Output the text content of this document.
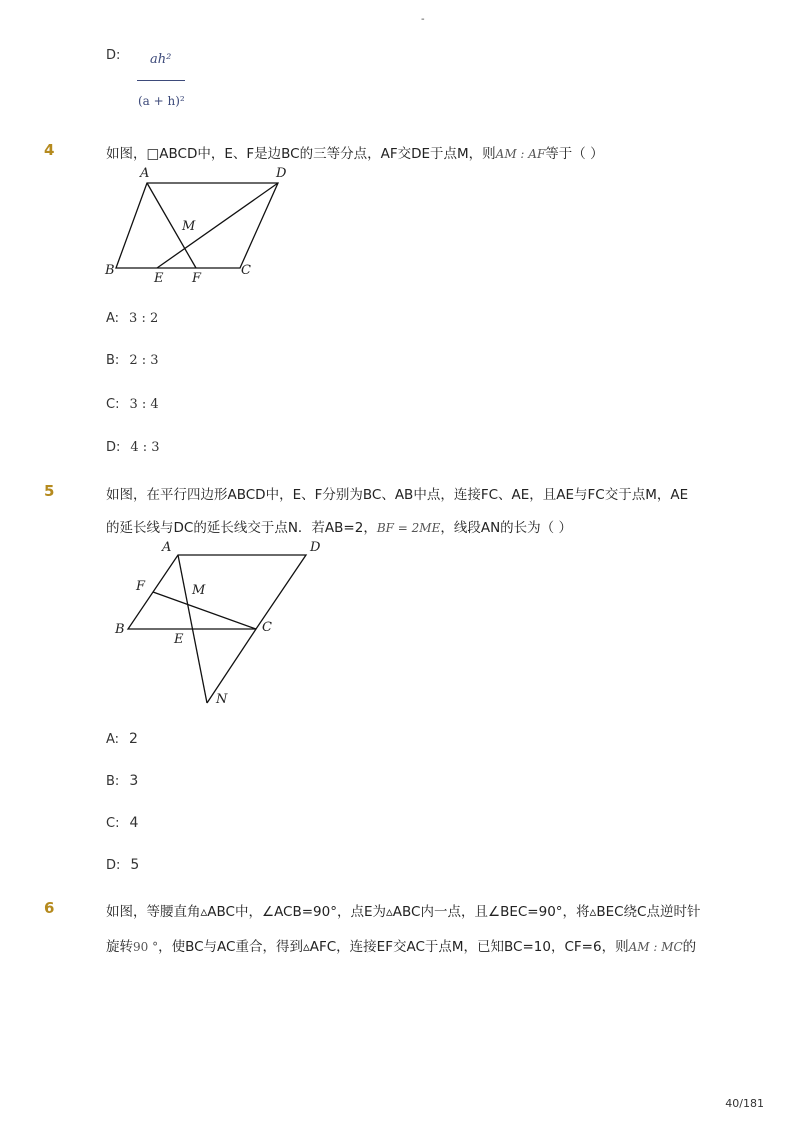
-
D: ah²
(a + h)²
4	如图，□ABCD中，E、F是边BC的三等分点，AF交DE于点M，则AM : AF等于（ ）
A	D
M
B
E F
C
A: 3 : 2
B: 2 : 3
C: 3 : 4
D: 4 : 3
5	如图，在平行四边形ABCD中，E、F分别为BC、AB中点，连接FC、AE，且AE与FC交于点M，AE
的延长线与DC的延长线交于点N．若AB=2，BF = 2ME，线段AN的长为（ ）
A	D
F	M
B
E
C
N
A: 2
B: 3
C: 4
D: 5
6	如图，等腰直角▵ABC中，∠ACB=90°，点E为▵ABC内一点，且∠BEC=90°，将▵BEC绕C点逆时针
旋转90 °，使BC与AC重合，得到▵AFC，连接EF交AC于点M，已知BC=10，CF=6，则AM : MC的
40/181
